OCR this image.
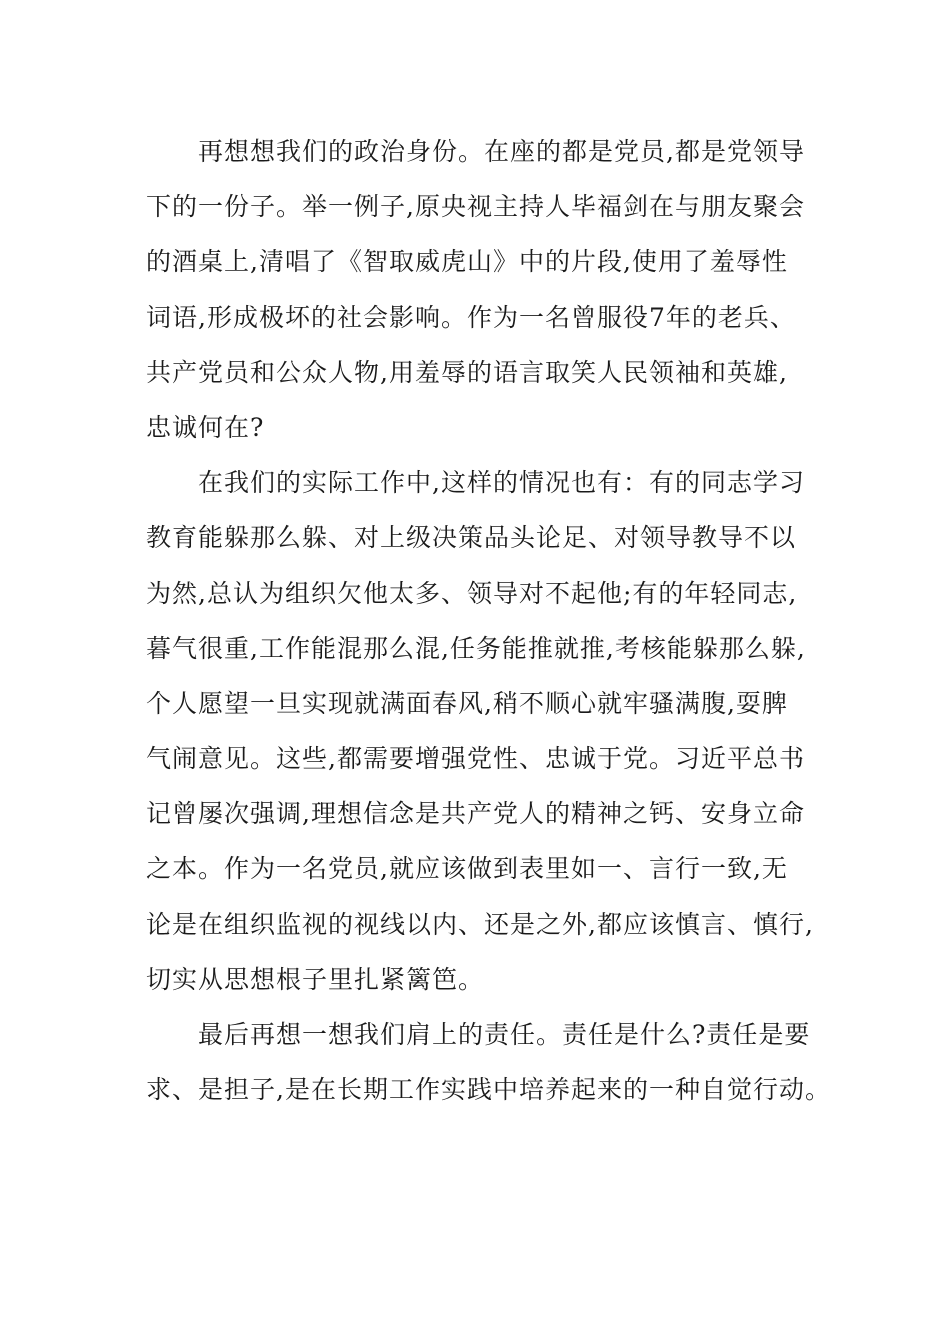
再想想我们的政治身份。在座的都是党员,都是党领导
下的一份子。举一例子,原央视主持人毕福剑在与朋友聚会
的酒桌上,清唱了《智取威虎山》中的片段,使用了羞辱性
词语,形成极坏的社会影响。作为一名曾服役7年的老兵、
共产党员和公众人物,用羞辱的语言取笑人民领袖和英雄,
忠诚何在?
在我们的实际工作中,这样的情况也有：有的同志学习
教育能躲那么躲、对上级决策品头论足、对领导教导不以
为然,总认为组织欠他太多、领导对不起他;有的年轻同志,
暮气很重,工作能混那么混,任务能推就推,考核能躲那么躲,
个人愿望一旦实现就满面春风,稍不顺心就牢骚满腹,耍脾
气闹意见。这些,都需要增强党性、忠诚于党。习近平总书
记曾屡次强调,理想信念是共产党人的精神之钙、安身立命
之本。作为一名党员,就应该做到表里如一、言行一致,无
论是在组织监视的视线以内、还是之外,都应该慎言、慎行,
切实从思想根子里扎紧篱笆。
最后再想一想我们肩上的责任。责任是什么?责任是要
求、是担子,是在长期工作实践中培养起来的一种自觉行动。
